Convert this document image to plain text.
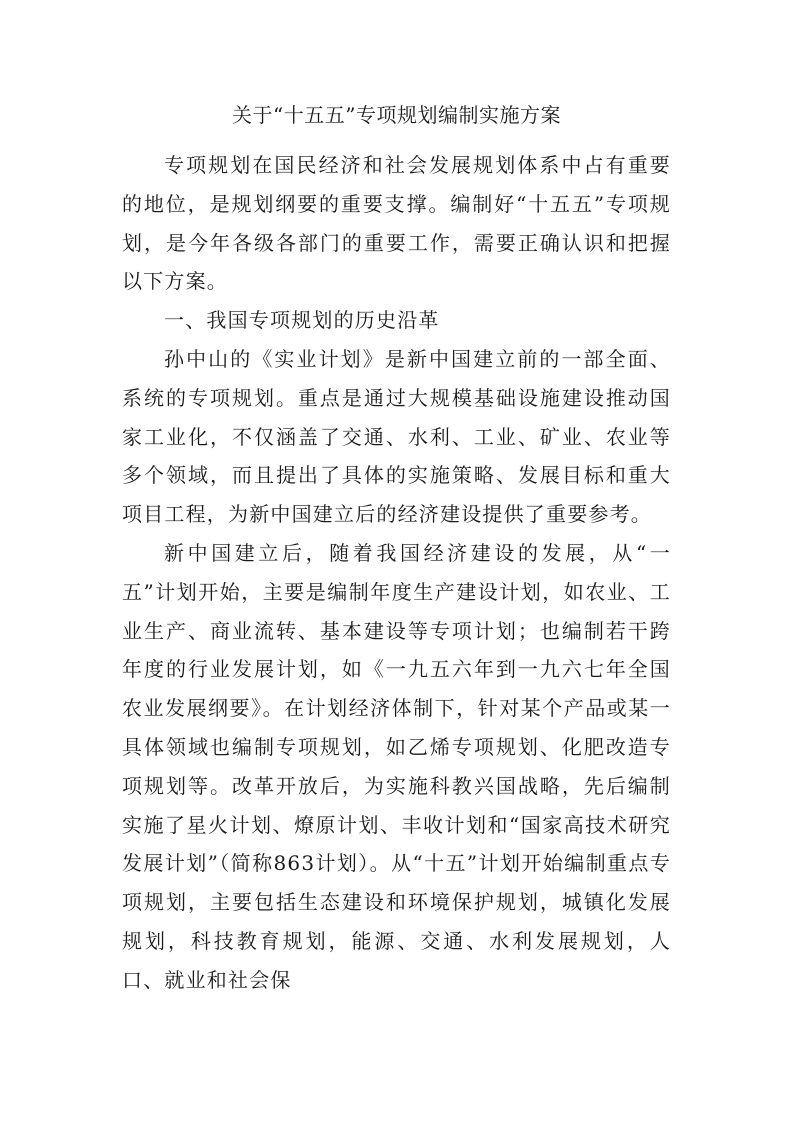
关于“十五五”专项规划编制实施方案

专项规划在国民经济和社会发展规划体系中占有重要的地位，是规划纲要的重要支撑。编制好“十五五”专项规划，是今年各级各部门的重要工作，需要正确认识和把握以下方案。

一、我国专项规划的历史沿革

孙中山的《实业计划》是新中国建立前的一部全面、系统的专项规划。重点是通过大规模基础设施建设推动国家工业化，不仅涵盖了交通、水利、工业、矿业、农业等多个领域，而且提出了具体的实施策略、发展目标和重大项目工程，为新中国建立后的经济建设提供了重要参考。

新中国建立后，随着我国经济建设的发展，从“一五”计划开始，主要是编制年度生产建设计划，如农业、工业生产、商业流转、基本建设等专项计划；也编制若干跨年度的行业发展计划，如《一九五六年到一九六七年全国农业发展纲要》。在计划经济体制下，针对某个产品或某一具体领域也编制专项规划，如乙烯专项规划、化肥改造专项规划等。改革开放后，为实施科教兴国战略，先后编制实施了星火计划、燎原计划、丰收计划和“国家高技术研究发展计划”（简称863计划）。从“十五”计划开始编制重点专项规划，主要包括生态建设和环境保护规划，城镇化发展规划，科技教育规划，能源、交通、水利发展规划，人口、就业和社会保
